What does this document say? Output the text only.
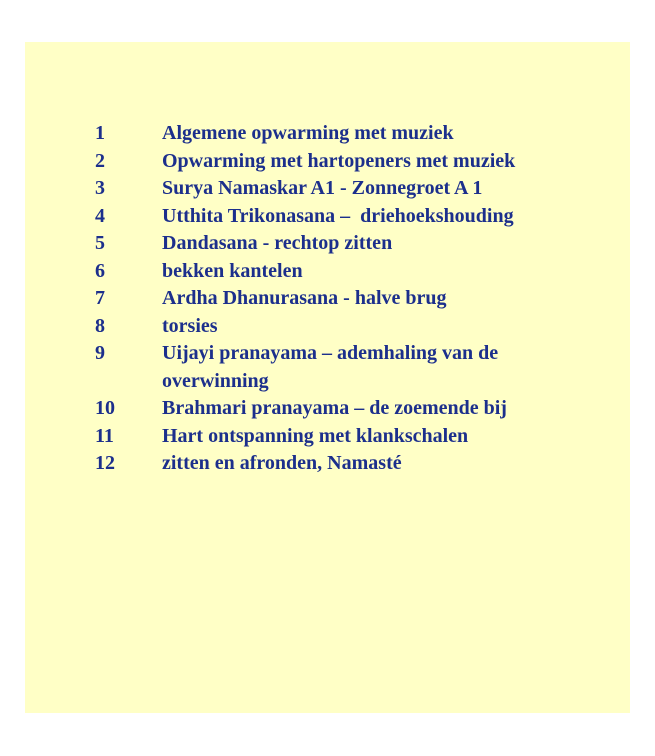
1	Algemene opwarming met muziek
2	Opwarming met hartopeners met muziek
3	Surya Namaskar A1 - Zonnegroet A 1
4	Utthita Trikonasana –  driehoekshouding
5	Dandasana - rechtop zitten
6	bekken kantelen
7	Ardha Dhanurasana - halve brug
8	torsies
9	Uijayi pranayama – ademhaling van de
overwinning
10	Brahmari pranayama – de zoemende bij
11	Hart ontspanning met klankschalen
12	zitten en afronden, Namasté
